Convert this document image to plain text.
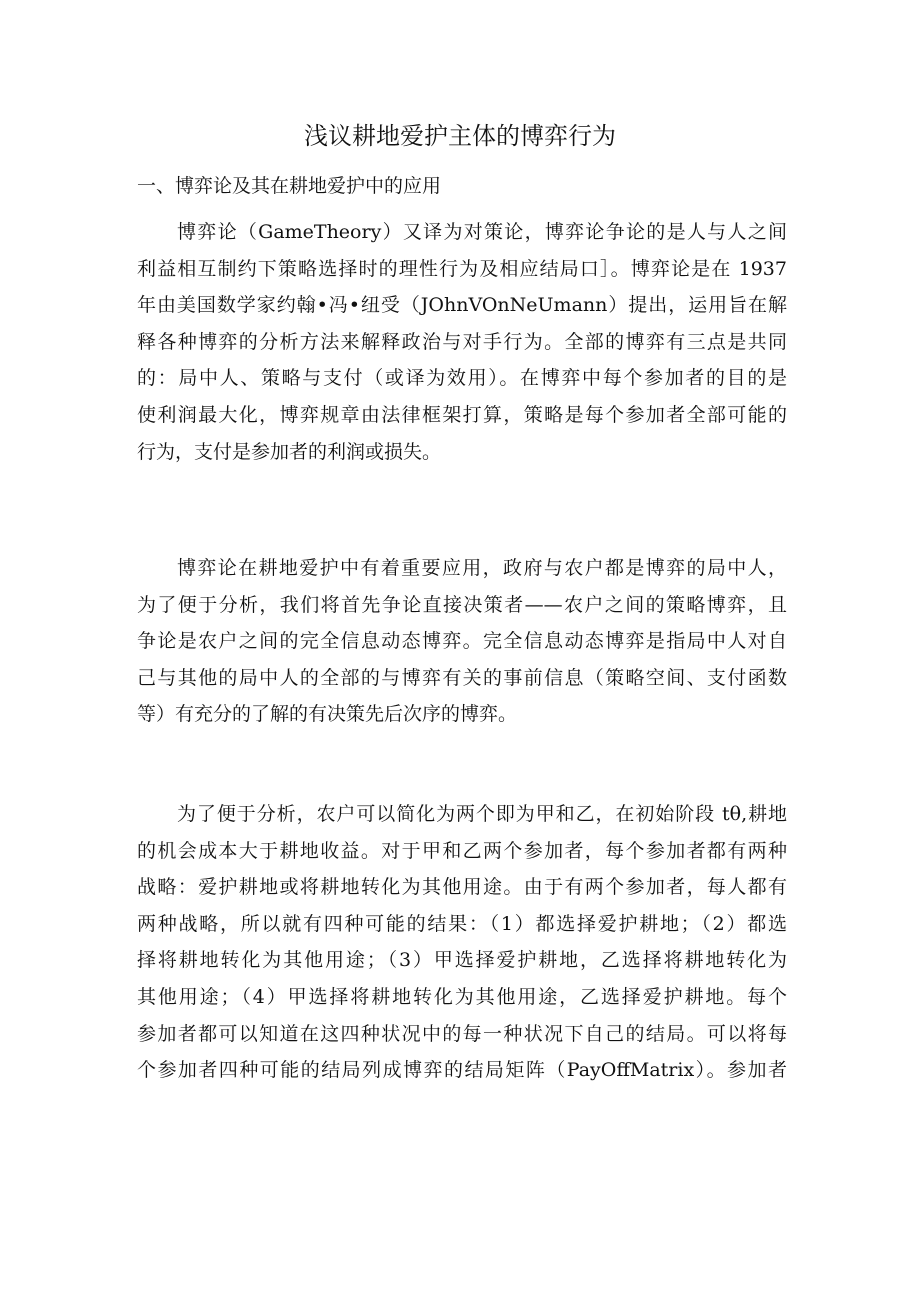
浅议耕地爱护主体的博弈行为
一、博弈论及其在耕地爱护中的应用
博弈论（GameTheory）又译为对策论，博弈论争论的是人与人之间
利益相互制约下策略选择时的理性行为及相应结局口］。博弈论是在 1937
年由美国数学家约翰•冯•纽受（JOhnVOnNeUmann）提出，运用旨在解
释各种博弈的分析方法来解释政治与对手行为。全部的博弈有三点是共同
的：局中人、策略与支付（或译为效用）。在博弈中每个参加者的目的是
使利润最大化，博弈规章由法律框架打算，策略是每个参加者全部可能的
行为，支付是参加者的利润或损失。
博弈论在耕地爱护中有着重要应用，政府与农户都是博弈的局中人，
为了便于分析，我们将首先争论直接决策者——农户之间的策略博弈，且
争论是农户之间的完全信息动态博弈。完全信息动态博弈是指局中人对自
己与其他的局中人的全部的与博弈有关的事前信息（策略空间、支付函数
等）有充分的了解的有决策先后次序的博弈。
为了便于分析，农户可以简化为两个即为甲和乙，在初始阶段 tθ,耕地
的机会成本大于耕地收益。对于甲和乙两个参加者，每个参加者都有两种
战略：爱护耕地或将耕地转化为其他用途。由于有两个参加者，每人都有
两种战略，所以就有四种可能的结果：（1）都选择爱护耕地；（2）都选
择将耕地转化为其他用途；（3）甲选择爱护耕地，乙选择将耕地转化为
其他用途；（4）甲选择将耕地转化为其他用途，乙选择爱护耕地。每个
参加者都可以知道在这四种状况中的每一种状况下自己的结局。可以将每
个参加者四种可能的结局列成博弈的结局矩阵（PayOffMatrix）。参加者
